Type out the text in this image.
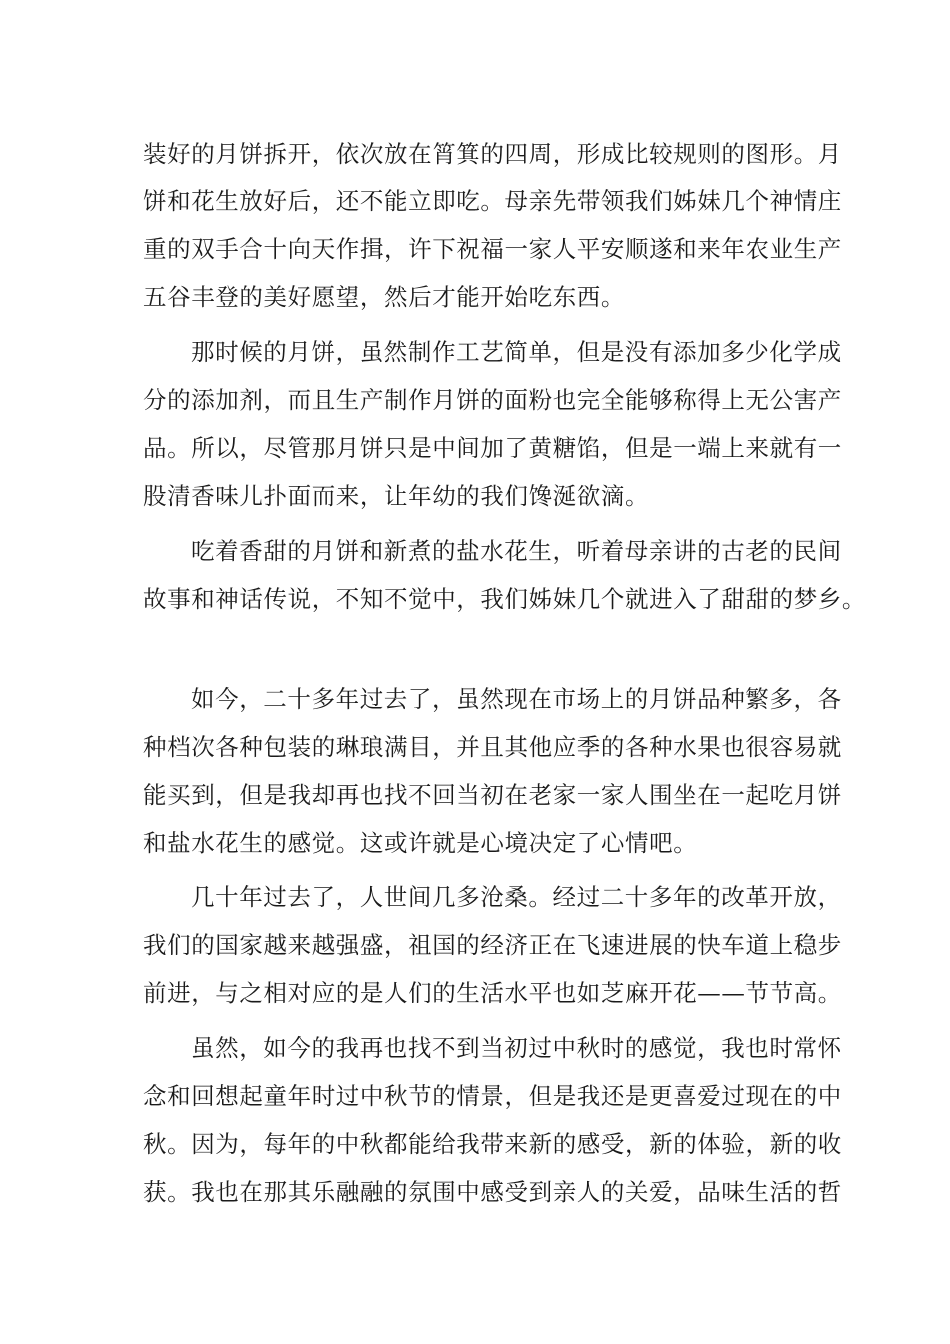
装好的月饼拆开，依次放在筲箕的四周，形成比较规则的图形。月
饼和花生放好后，还不能立即吃。母亲先带领我们姊妹几个神情庄
重的双手合十向天作揖，许下祝福一家人平安顺遂和来年农业生产
五谷丰登的美好愿望，然后才能开始吃东西。
那时候的月饼，虽然制作工艺简单，但是没有添加多少化学成
分的添加剂，而且生产制作月饼的面粉也完全能够称得上无公害产
品。所以，尽管那月饼只是中间加了黄糖馅，但是一端上来就有一
股清香味儿扑面而来，让年幼的我们馋涎欲滴。
吃着香甜的月饼和新煮的盐水花生，听着母亲讲的古老的民间
故事和神话传说，不知不觉中，我们姊妹几个就进入了甜甜的梦乡。
如今，二十多年过去了，虽然现在市场上的月饼品种繁多，各
种档次各种包装的琳琅满目，并且其他应季的各种水果也很容易就
能买到，但是我却再也找不回当初在老家一家人围坐在一起吃月饼
和盐水花生的感觉。这或许就是心境决定了心情吧。
几十年过去了，人世间几多沧桑。经过二十多年的改革开放，
我们的国家越来越强盛，祖国的经济正在飞速进展的快车道上稳步
前进，与之相对应的是人们的生活水平也如芝麻开花——节节高。
虽然，如今的我再也找不到当初过中秋时的感觉，我也时常怀
念和回想起童年时过中秋节的情景，但是我还是更喜爱过现在的中
秋。因为，每年的中秋都能给我带来新的感受，新的体验，新的收
获。我也在那其乐融融的氛围中感受到亲人的关爱，品味生活的哲
